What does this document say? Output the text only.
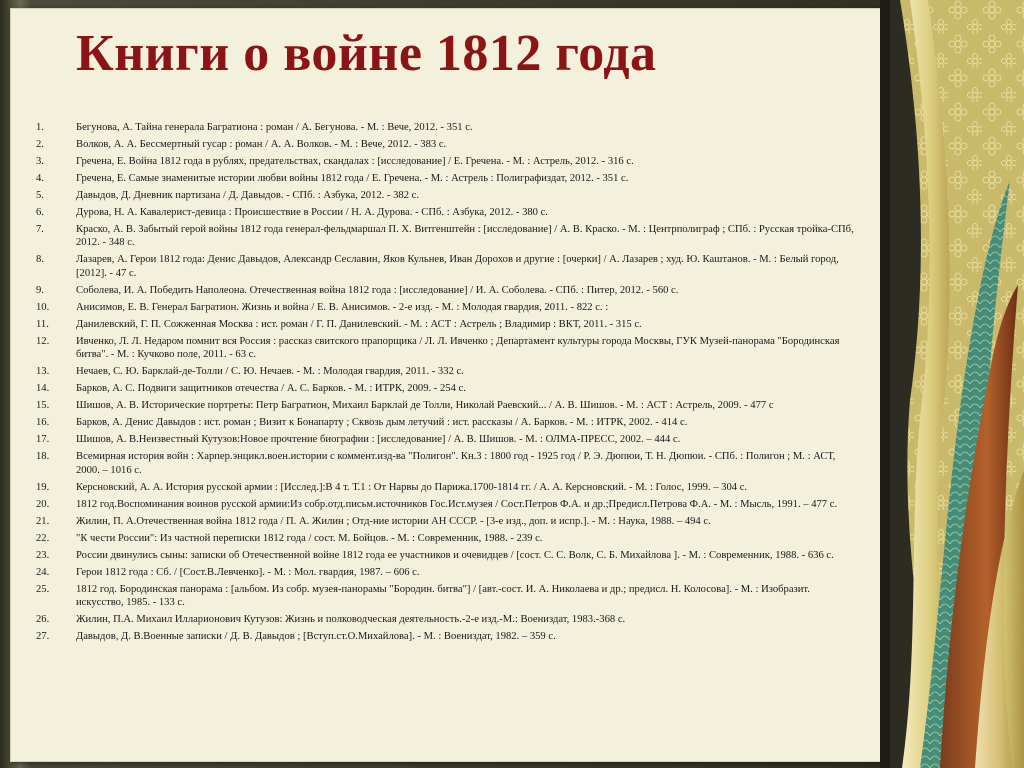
Книги о войне 1812 года
1.	Бегунова, А. Тайна генерала Багратиона : роман / А. Бегунова. - М. : Вече, 2012. - 351 с.
2.	Волков, А. А. Бессмертный гусар : роман / А. А. Волков. - М. : Вече, 2012. - 383 с.
3.	Гречена, Е. Война 1812 года в рублях, предательствах, скандалах : [исследование] / Е. Гречена. - М. : Астрель, 2012. - 316 с.
4.	Гречена, Е. Самые знаменитые истории любви войны 1812 года / Е. Гречена. - М. : Астрель : Полиграфиздат, 2012. - 351 с.
5.	Давыдов, Д. Дневник партизана / Д. Давыдов. - СПб. : Азбука, 2012. - 382 с.
6.	Дурова, Н. А. Кавалерист-девица : Происшествие в России / Н. А. Дурова. - СПб. : Азбука, 2012. - 380 с.
7.	Краско, А. В. Забытый герой войны 1812 года генерал-фельдмаршал П. Х. Витгенштейн : [исследование] / А. В. Краско. - М. : Центрполиграф ; СПб. : Русская тройка-СПб, 2012. - 348 с.
8.	Лазарев, А. Герои 1812 года: Денис Давыдов, Александр Сеславин, Яков Кульнев, Иван Дорохов и другие : [очерки] / А. Лазарев ; худ. Ю. Каштанов. - М. : Белый город, [2012]. - 47 с.
9.	Соболева, И. А. Победить Наполеона. Отечественная война 1812 года : [исследование] / И. А. Соболева. - СПб. : Питер, 2012. - 560 с.
10.	Анисимов, Е. В. Генерал Багратион. Жизнь и война / Е. В. Анисимов. - 2-е изд. - М. : Молодая гвардия, 2011. - 822 с. :
11.	Данилевский, Г. П. Сожженная Москва : ист. роман / Г. П. Данилевский. - М. : АСТ : Астрель ; Владимир : ВКТ, 2011. - 315 с.
12.	Ивченко, Л. Л. Недаром помнит вся Россия : рассказ свитского прапорщика / Л. Л. Ивченко ; Департамент культуры города Москвы, ГУК Музей-панорама "Бородинская битва". - М. : Кучково поле, 2011. - 63 с.
13.	Нечаев, С. Ю. Барклай-де-Толли / С. Ю. Нечаев. - М. : Молодая гвардия, 2011. - 332 с.
14.	Барков, А. С. Подвиги защитников отечества / А. С. Барков. - М. : ИТРК, 2009. - 254 с.
15.	Шишов, А. В. Исторические портреты: Петр Багратион, Михаил Барклай де Толли, Николай Раевский... / А. В. Шишов. - М. : АСТ : Астрель, 2009. - 477 с
16.	Барков, А. Денис Давыдов : ист. роман ; Визит к Бонапарту ; Сквозь дым летучий : ист. рассказы / А. Барков. - М. : ИТРК, 2002. - 414 с.
17.	Шишов, А. В.Неизвестный Кутузов:Новое прочтение биографии : [исследование] / А. В. Шишов. - М. : ОЛМА-ПРЕСС, 2002. – 444 с.
18.	Всемирная история войн : Харпер.энцикл.воен.истории с коммент.изд-ва "Полигон". Кн.3 : 1800 год - 1925 год / Р. Э. Дюпюи, Т. Н. Дюпюи. - СПб. : Полигон ; М. : АСТ, 2000. – 1016 с.
19.	Керсновский, А. А. История русской армии : [Исслед.]:В 4 т. Т.1 : От Нарвы до Парижа.1700-1814 гг. / А. А. Керсновский. - М. : Голос, 1999. – 304 с.
20.	1812 год.Воспоминания воинов русской армии:Из собр.отд.письм.источников Гос.Ист.музея / Сост.Петров Ф.А. и др.;Предисл.Петрова Ф.А. - М. : Мысль, 1991. – 477 с.
21.	Жилин, П. А.Отечественная война 1812 года / П. А. Жилин ; Отд-ние истории АН СССР. - [3-е изд., доп. и испр.]. - М. : Наука, 1988. – 494 с.
22.	"К чести России": Из частной переписки 1812 года / сост. М. Бойцов. - М. : Современник, 1988. - 239 с.
23.	России двинулись сыны: записки об Отечественной войне 1812 года ее участников и очевидцев / [сост. С. С. Волк, С. Б. Михайлова ]. - М. : Современник, 1988. - 636 с.
24.	Герои 1812 года : Сб. / [Сост.В.Левченко]. - М. : Мол. гвардия, 1987. – 606 с.
25.	1812 год. Бородинская панорама : [альбом. Из собр. музея-панорамы "Бородин. битва"] / [авт.-сост. И. А. Николаева и др.; предисл. Н. Колосова]. - М. : Изобразит. искусство, 1985. - 133 с.
26.	Жилин, П.А. Михаил Илларионович Кутузов: Жизнь и полководческая деятельность.-2-е изд.-М.: Воениздат, 1983.-368 с.
27.	Давыдов, Д. В.Военные записки / Д. В. Давыдов ; [Вступ.ст.О.Михайлова]. - М. : Воениздат, 1982. – 359 с.
